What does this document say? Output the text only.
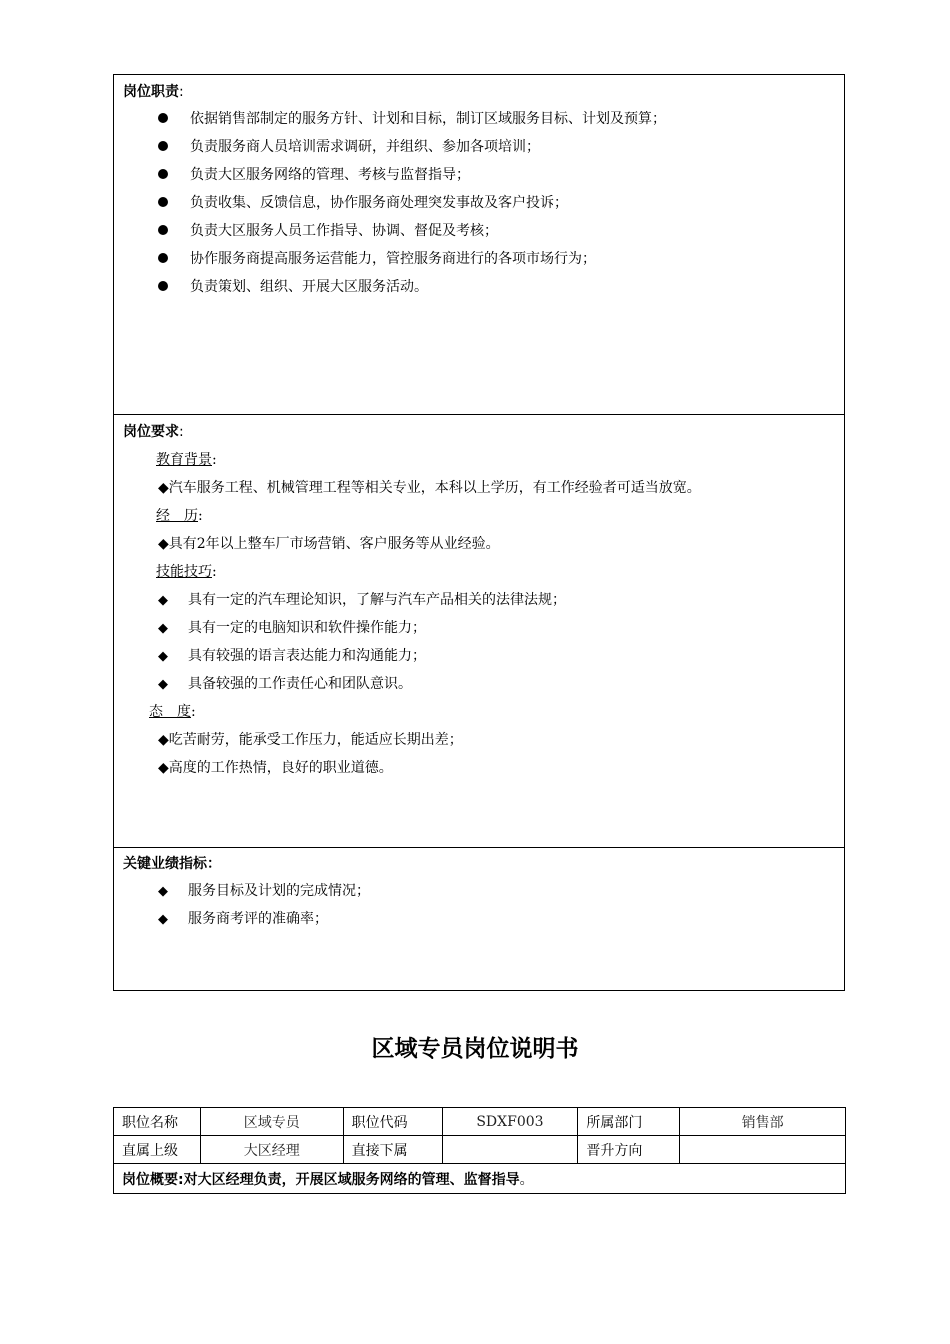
岗位职责:
依据销售部制定的服务方针、计划和目标，制订区域服务目标、计划及预算；
负责服务商人员培训需求调研，并组织、参加各项培训；
负责大区服务网络的管理、考核与监督指导；
负责收集、反馈信息，协作服务商处理突发事故及客户投诉；
负责大区服务人员工作指导、协调、督促及考核；
协作服务商提高服务运营能力，管控服务商进行的各项市场行为；
负责策划、组织、开展大区服务活动。
岗位要求:
教育背景:
◆汽车服务工程、机械管理工程等相关专业，本科以上学历，有工作经验者可适当放宽。
经　历:
◆具有2年以上整车厂市场营销、客户服务等从业经验。
技能技巧:
◆ 具有一定的汽车理论知识，了解与汽车产品相关的法律法规；
◆ 具有一定的电脑知识和软件操作能力；
◆ 具有较强的语言表达能力和沟通能力；
◆ 具备较强的工作责任心和团队意识。
态　度:
◆吃苦耐劳，能承受工作压力，能适应长期出差；
◆高度的工作热情，良好的职业道德。
关键业绩指标：
◆ 服务目标及计划的完成情况；
◆ 服务商考评的准确率；
区域专员岗位说明书
职位名称	区域专员	职位代码	SDXF003	所属部门	销售部
直属上级	大区经理	直接下属		晋升方向	
岗位概要:对大区经理负责，开展区域服务网络的管理、监督指导。					
